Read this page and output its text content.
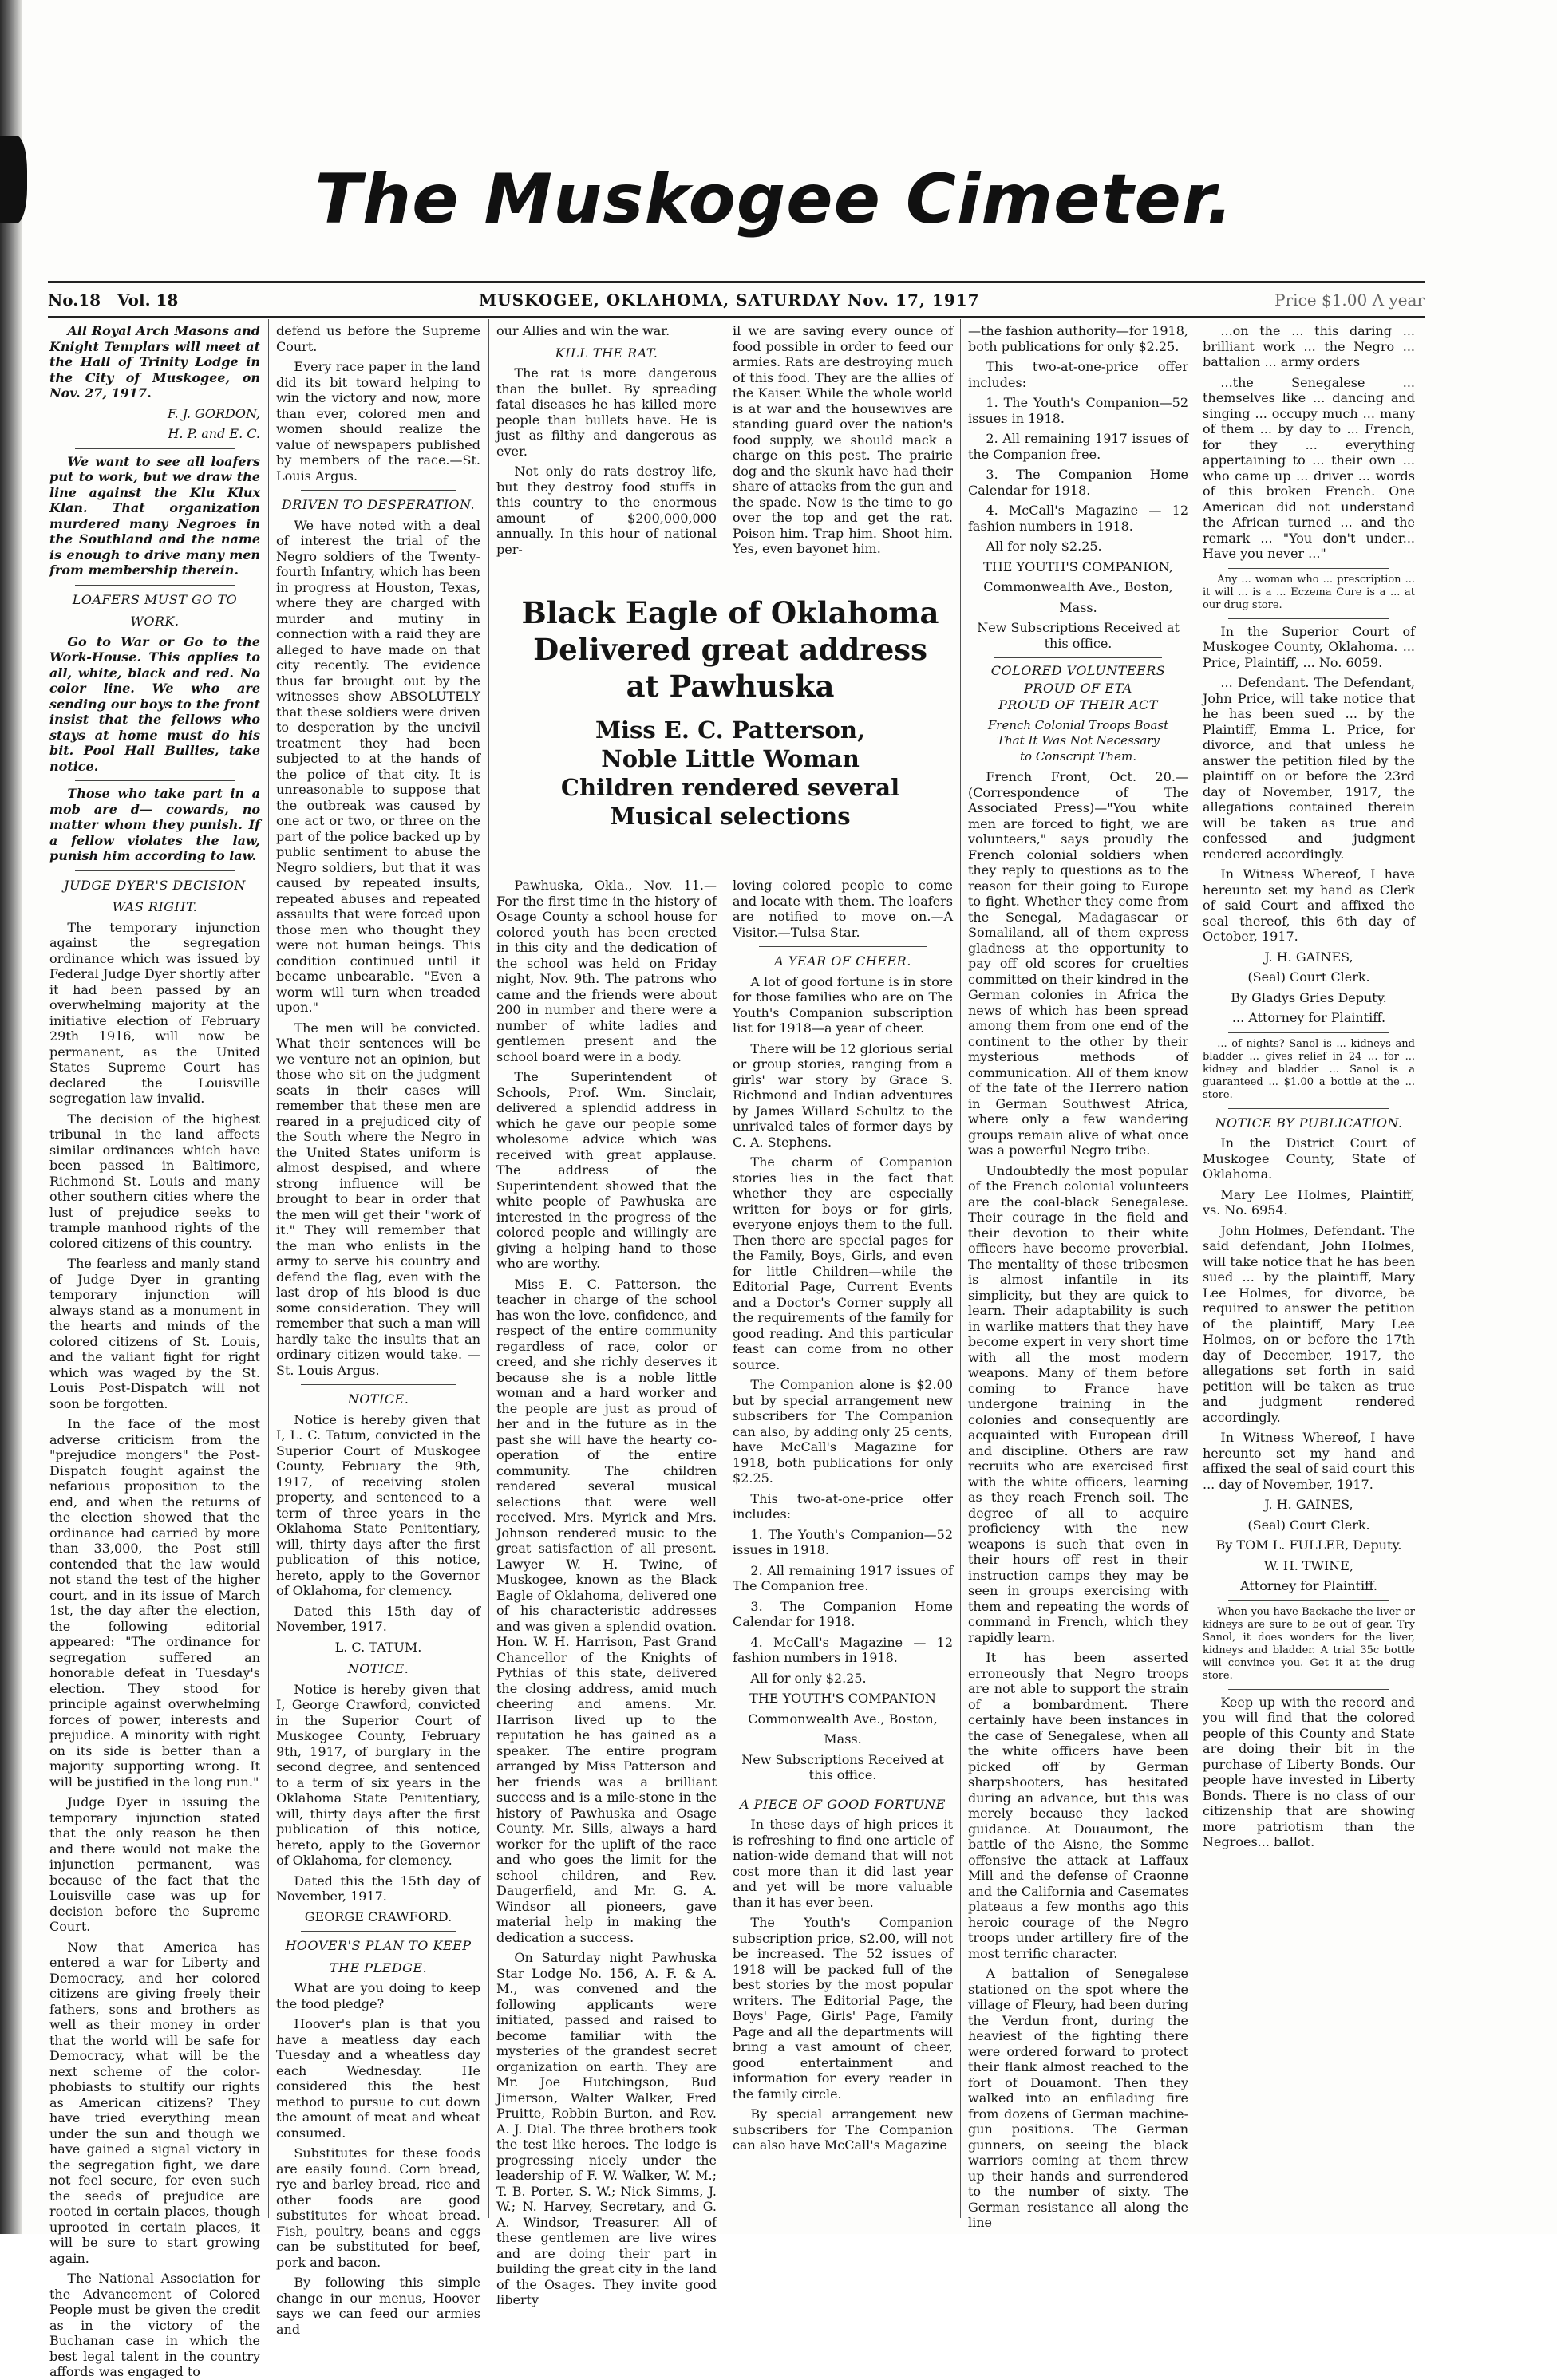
The Muskogee Cimeter.
No.18 Vol. 18	MUSKOGEE, OKLAHOMA, SATURDAY Nov. 17, 1917	Price $1.00 A year

All Royal Arch Masons and Knight Templars will meet at the Hall of Trinity Lodge in the City of Muskogee, on Nov. 27, 1917.

F. J. GORDON,

H. P. and E. C.

We want to see all loafers put to work, but we draw the line against the Klu Klux Klan. That organization murdered many Negroes in the Southland and the name is enough to drive many men from membership therein.

LOAFERS MUST GO TO

WORK.

Go to War or Go to the Work-House. This applies to all, white, black and red. No color line. We who are sending our boys to the front insist that the fellows who stays at home must do his bit. Pool Hall Bullies, take notice.

Those who take part in a mob are d— cowards, no matter whom they punish. If a fellow violates the law, punish him according to law.

JUDGE DYER'S DECISION

WAS RIGHT.

The temporary injunction against the segregation ordinance which was issued by Federal Judge Dyer shortly after it had been passed by an overwhelming majority at the initiative election of February 29th 1916, will now be permanent, as the United States Supreme Court has declared the Louisville segregation law invalid.

The decision of the highest tribunal in the land affects similar ordinances which have been passed in Baltimore, Richmond St. Louis and many other southern cities where the lust of prejudice seeks to trample manhood rights of the colored citizens of this country.

The fearless and manly stand of Judge Dyer in granting temporary injunction will always stand as a monument in the hearts and minds of the colored citizens of St. Louis, and the valiant fight for right which was waged by the St. Louis Post-Dispatch will not soon be forgotten.

In the face of the most adverse criticism from the "prejudice mongers" the Post-Dispatch fought against the nefarious proposition to the end, and when the returns of the election showed that the ordinance had carried by more than 33,000, the Post still contended that the law would not stand the test of the higher court, and in its issue of March 1st, the day after the election, the following editorial appeared: "The ordinance for segregation suffered an honorable defeat in Tuesday's election. They stood for principle against overwhelming forces of power, interests and prejudice. A minority with right on its side is better than a majority supporting wrong. It will be justified in the long run."

Judge Dyer in issuing the temporary injunction stated that the only reason he then and there would not make the injunction permanent, was because of the fact that the Louisville case was up for decision before the Supreme Court.

Now that America has entered a war for Liberty and Democracy, and her colored citizens are giving freely their fathers, sons and brothers as well as their money in order that the world will be safe for Democracy, what will be the next scheme of the color-phobiasts to stultify our rights as American citizens? They have tried everything mean under the sun and though we have gained a signal victory in the segregation fight, we dare not feel secure, for even such the seeds of prejudice are rooted in certain places, though uprooted in certain places, it will be sure to start growing again.

The National Association for the Advancement of Colored People must be given the credit as in the victory of the Buchanan case in which the best legal talent in the country affords was engaged to

defend us before the Supreme Court.

Every race paper in the land did its bit toward helping to win the victory and now, more than ever, colored men and women should realize the value of newspapers published by members of the race.—St. Louis Argus.

DRIVEN TO DESPERATION.

We have noted with a deal of interest the trial of the Negro soldiers of the Twenty-fourth Infantry, which has been in progress at Houston, Texas, where they are charged with murder and mutiny in connection with a raid they are alleged to have made on that city recently. The evidence thus far brought out by the witnesses show ABSOLUTELY that these soldiers were driven to desperation by the uncivil treatment they had been subjected to at the hands of the police of that city. It is unreasonable to suppose that the outbreak was caused by one act or two, or three on the part of the police backed up by public sentiment to abuse the Negro soldiers, but that it was caused by repeated insults, repeated abuses and repeated assaults that were forced upon those men who thought they were not human beings. This condition continued until it became unbearable. "Even a worm will turn when treaded upon."

The men will be convicted. What their sentences will be we venture not an opinion, but those who sit on the judgment seats in their cases will remember that these men are reared in a prejudiced city of the South where the Negro in the United States uniform is almost despised, and where strong influence will be brought to bear in order that the men will get their "work of it." They will remember that the man who enlists in the army to serve his country and defend the flag, even with the last drop of his blood is due some consideration. They will remember that such a man will hardly take the insults that an ordinary citizen would take. —St. Louis Argus.

NOTICE.

Notice is hereby given that I, L. C. Tatum, convicted in the Superior Court of Muskogee County, February the 9th, 1917, of receiving stolen property, and sentenced to a term of three years in the Oklahoma State Penitentiary, will, thirty days after the first publication of this notice, hereto, apply to the Governor of Oklahoma, for clemency.

Dated this 15th day of November, 1917.

L. C. TATUM.

NOTICE.

Notice is hereby given that I, George Crawford, convicted in the Superior Court of Muskogee County, February 9th, 1917, of burglary in the second degree, and sentenced to a term of six years in the Oklahoma State Penitentiary, will, thirty days after the first publication of this notice, hereto, apply to the Governor of Oklahoma, for clemency.

Dated this the 15th day of November, 1917.

GEORGE CRAWFORD.

HOOVER'S PLAN TO KEEP

THE PLEDGE.

What are you doing to keep the food pledge?

Hoover's plan is that you have a meatless day each Tuesday and a wheatless day each Wednesday. He considered this the best method to pursue to cut down the amount of meat and wheat consumed.

Substitutes for these foods are easily found. Corn bread, rye and barley bread, rice and other foods are good substitutes for wheat bread. Fish, poultry, beans and eggs can be substituted for beef, pork and bacon.

By following this simple change in our menus, Hoover says we can feed our armies and

our Allies and win the war.

KILL THE RAT.

The rat is more dangerous than the bullet. By spreading fatal diseases he has killed more people than bullets have. He is just as filthy and dangerous as ever.

Not only do rats destroy life, but they destroy food stuffs in this country to the enormous amount of $200,000,000 annually. In this hour of national per-

il we are saving every ounce of food possible in order to feed our armies. Rats are destroying much of this food. They are the allies of the Kaiser. While the whole world is at war and the housewives are standing guard over the nation's food supply, we should mack a charge on this pest. The prairie dog and the skunk have had their share of attacks from the gun and the spade. Now is the time to go over the top and get the rat. Poison him. Trap him. Shoot him. Yes, even bayonet him.

Black Eagle of Oklahoma
Delivered great address
at Pawhuska
Miss E. C. Patterson,
Noble Little Woman
Children rendered several
Musical selections

Pawhuska, Okla., Nov. 11.— For the first time in the history of Osage County a school house for colored youth has been erected in this city and the dedication of the school was held on Friday night, Nov. 9th. The patrons who came and the friends were about 200 in number and there were a number of white ladies and gentlemen present and the school board were in a body.

The Superintendent of Schools, Prof. Wm. Sinclair, delivered a splendid address in which he gave our people some wholesome advice which was received with great applause. The address of the Superintendent showed that the white people of Pawhuska are interested in the progress of the colored people and willingly are giving a helping hand to those who are worthy.

Miss E. C. Patterson, the teacher in charge of the school has won the love, confidence, and respect of the entire community regardless of race, color or creed, and she richly deserves it because she is a noble little woman and a hard worker and the people are just as proud of her and in the future as in the past she will have the hearty co-operation of the entire community. The children rendered several musical selections that were well received. Mrs. Myrick and Mrs. Johnson rendered music to the great satisfaction of all present. Lawyer W. H. Twine, of Muskogee, known as the Black Eagle of Oklahoma, delivered one of his characteristic addresses and was given a splendid ovation. Hon. W. H. Harrison, Past Grand Chancellor of the Knights of Pythias of this state, delivered the closing address, amid much cheering and amens. Mr. Harrison lived up to the reputation he has gained as a speaker. The entire program arranged by Miss Patterson and her friends was a brilliant success and is a mile-stone in the history of Pawhuska and Osage County. Mr. Sills, always a hard worker for the uplift of the race and who goes the limit for the school children, and Rev. Daugerfield, and Mr. G. A. Windsor all pioneers, gave material help in making the dedication a success.

On Saturday night Pawhuska Star Lodge No. 156, A. F. & A. M., was convened and the following applicants were initiated, passed and raised to become familiar with the mysteries of the grandest secret organization on earth. They are Mr. Joe Hutchingson, Bud Jimerson, Walter Walker, Fred Pruitte, Robbin Burton, and Rev. A. J. Dial. The three brothers took the test like heroes. The lodge is progressing nicely under the leadership of F. W. Walker, W. M.; T. B. Porter, S. W.; Nick Simms, J. W.; N. Harvey, Secretary, and G. A. Windsor, Treasurer. All of these gentlemen are live wires and are doing their part in building the great city in the land of the Osages. They invite good liberty

loving colored people to come and locate with them. The loafers are notified to move on.—A Visitor.—Tulsa Star.

A YEAR OF CHEER.

A lot of good fortune is in store for those families who are on The Youth's Companion subscription list for 1918—a year of cheer.

There will be 12 glorious serial or group stories, ranging from a girls' war story by Grace S. Richmond and Indian adventures by James Willard Schultz to the unrivaled tales of former days by C. A. Stephens.

The charm of Companion stories lies in the fact that whether they are especially written for boys or for girls, everyone enjoys them to the full. Then there are special pages for the Family, Boys, Girls, and even for little Children—while the Editorial Page, Current Events and a Doctor's Corner supply all the requirements of the family for good reading. And this particular feast can come from no other source.

The Companion alone is $2.00 but by special arrangement new subscribers for The Companion can also, by adding only 25 cents, have McCall's Magazine for 1918, both publications for only $2.25.

This two-at-one-price offer includes:

1. The Youth's Companion—52 issues in 1918.

2. All remaining 1917 issues of The Companion free.

3. The Companion Home Calendar for 1918.

4. McCall's Magazine — 12 fashion numbers in 1918.

All for only $2.25.

THE YOUTH'S COMPANION

Commonwealth Ave., Boston,

Mass.

New Subscriptions Received at this office.

A PIECE OF GOOD FORTUNE

In these days of high prices it is refreshing to find one article of nation-wide demand that will not cost more than it did last year and yet will be more valuable than it has ever been.

The Youth's Companion subscription price, $2.00, will not be increased. The 52 issues of 1918 will be packed full of the best stories by the most popular writers. The Editorial Page, the Boys' Page, Girls' Page, Family Page and all the departments will bring a vast amount of cheer, good entertainment and information for every reader in the family circle.

By special arrangement new subscribers for The Companion can also have McCall's Magazine

—the fashion authority—for 1918, both publications for only $2.25.

This two-at-one-price offer includes:

1. The Youth's Companion—52 issues in 1918.

2. All remaining 1917 issues of the Companion free.

3. The Companion Home Calendar for 1918.

4. McCall's Magazine — 12 fashion numbers in 1918.

All for noly $2.25.

THE YOUTH'S COMPANION,

Commonwealth Ave., Boston,

Mass.

New Subscriptions Received at this office.

COLORED VOLUNTEERS

PROUD OF ETA

PROUD OF THEIR ACT

French Colonial Troops Boast

That It Was Not Necessary

to Conscript Them.

French Front, Oct. 20.—(Correspondence of The Associated Press)—"You white men are forced to fight, we are volunteers," says proudly the French colonial soldiers when they reply to questions as to the reason for their going to Europe to fight. Whether they come from the Senegal, Madagascar or Somaliland, all of them express gladness at the opportunity to pay off old scores for cruelties committed on their kindred in the German colonies in Africa the news of which has been spread among them from one end of the continent to the other by their mysterious methods of communication. All of them know of the fate of the Herrero nation in German Southwest Africa, where only a few wandering groups remain alive of what once was a powerful Negro tribe.

Undoubtedly the most popular of the French colonial volunteers are the coal-black Senegalese. Their courage in the field and their devotion to their white officers have become proverbial. The mentality of these tribesmen is almost infantile in its simplicity, but they are quick to learn. Their adaptability is such in warlike matters that they have become expert in very short time with all the most modern weapons. Many of them before coming to France have undergone training in the colonies and consequently are acquainted with European drill and discipline. Others are raw recruits who are exercised first with the white officers, learning as they reach French soil. The degree of all to acquire proficiency with the new weapons is such that even in their hours off rest in their instruction camps they may be seen in groups exercising with them and repeating the words of command in French, which they rapidly learn.

It has been asserted erroneously that Negro troops are not able to support the strain of a bombardment. There certainly have been instances in the case of Senegalese, when all the white officers have been picked off by German sharpshooters, has hesitated during an advance, but this was merely because they lacked guidance. At Douaumont, the battle of the Aisne, the Somme offensive the attack at Laffaux Mill and the defense of Craonne and the California and Casemates plateaus a few months ago this heroic courage of the Negro troops under artillery fire of the most terrific character.

A battalion of Senegalese stationed on the spot where the village of Fleury, had been during the Verdun front, during the heaviest of the fighting there were ordered forward to protect their flank almost reached to the fort of Douamont. Then they walked into an enfilading fire from dozens of German machine-gun positions. The German gunners, on seeing the black warriors coming at them threw up their hands and surrendered to the number of sixty. The German resistance all along the line

...on the ... this daring ... brilliant work ... the Negro ... battalion ... army orders

...the Senegalese ... themselves like ... dancing and singing ... occupy much ... many of them ... by day to ... French, for they ... everything appertaining to ... their own ... who came up ... driver ... words of this broken French. One American did not understand the African turned ... and the remark ... "You don't under... Have you never ..."

Any ... woman who ... prescription ... it will ... is a ... Eczema Cure is a ... at our drug store.

In the Superior Court of Muskogee County, Oklahoma. ... Price, Plaintiff, ... No. 6059.

... Defendant. The Defendant, John Price, will take notice that he has been sued ... by the Plaintiff, Emma L. Price, for divorce, and that unless he answer the petition filed by the plaintiff on or before the 23rd day of November, 1917, the allegations contained therein will be taken as true and confessed and judgment rendered accordingly.

In Witness Whereof, I have hereunto set my hand as Clerk of said Court and affixed the seal thereof, this 6th day of October, 1917.

J. H. GAINES,

(Seal) Court Clerk.

By Gladys Gries Deputy.

... Attorney for Plaintiff.

... of nights? Sanol is ... kidneys and bladder ... gives relief in 24 ... for ... kidney and bladder ... Sanol is a guaranteed ... $1.00 a bottle at the ... store.

NOTICE BY PUBLICATION.

In the District Court of Muskogee County, State of Oklahoma.

Mary Lee Holmes, Plaintiff, vs. No. 6954.

John Holmes, Defendant. The said defendant, John Holmes, will take notice that he has been sued ... by the plaintiff, Mary Lee Holmes, for divorce, be required to answer the petition of the plaintiff, Mary Lee Holmes, on or before the 17th day of December, 1917, the allegations set forth in said petition will be taken as true and judgment rendered accordingly.

In Witness Whereof, I have hereunto set my hand and affixed the seal of said court this ... day of November, 1917.

J. H. GAINES,

(Seal) Court Clerk.

By TOM L. FULLER, Deputy.

W. H. TWINE,

Attorney for Plaintiff.

When you have Backache the liver or kidneys are sure to be out of gear. Try Sanol, it does wonders for the liver, kidneys and bladder. A trial 35c bottle will convince you. Get it at the drug store.

Keep up with the record and you will find that the colored people of this County and State are doing their bit in the purchase of Liberty Bonds. Our people have invested in Liberty Bonds. There is no class of our citizenship that are showing more patriotism than the Negroes... ballot.
